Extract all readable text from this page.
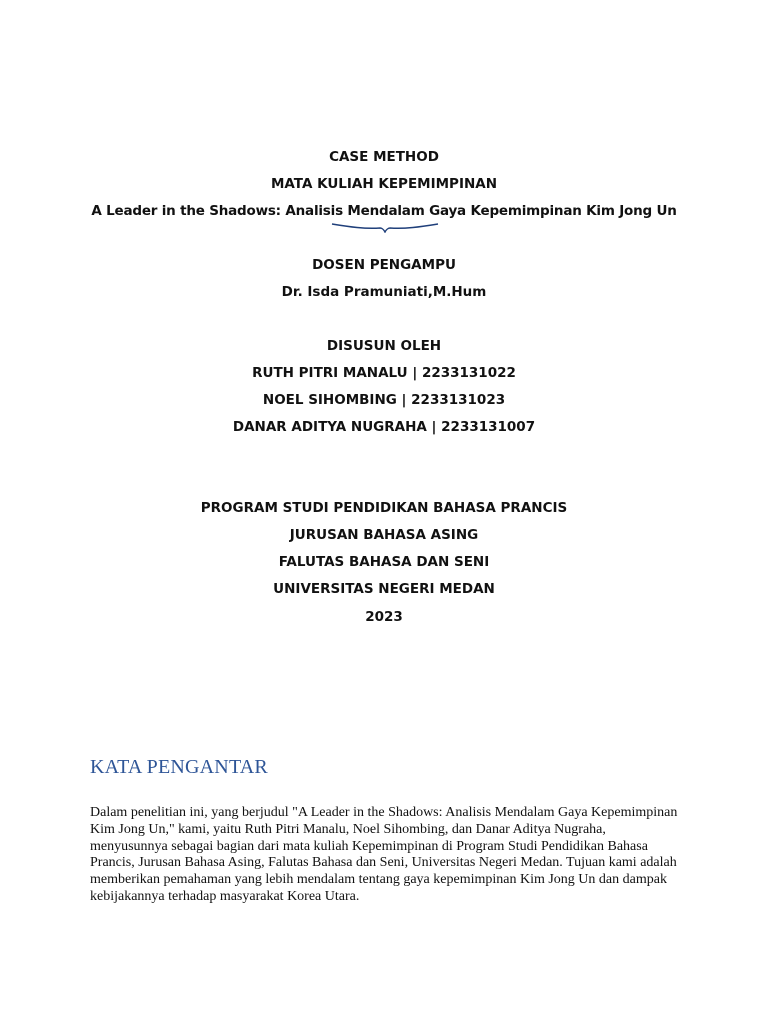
CASE METHOD
MATA KULIAH KEPEMIMPINAN
A Leader in the Shadows: Analisis Mendalam Gaya Kepemimpinan Kim Jong Un
DOSEN PENGAMPU
Dr. Isda Pramuniati,M.Hum
DISUSUN OLEH
RUTH PITRI MANALU | 2233131022
NOEL SIHOMBING | 2233131023
DANAR ADITYA NUGRAHA | 2233131007
PROGRAM STUDI PENDIDIKAN BAHASA PRANCIS
JURUSAN BAHASA ASING
FALUTAS BAHASA DAN SENI
UNIVERSITAS NEGERI MEDAN
2023
KATA PENGANTAR
Dalam penelitian ini, yang berjudul "A Leader in the Shadows: Analisis Mendalam Gaya Kepemimpinan Kim Jong Un," kami, yaitu Ruth Pitri Manalu, Noel Sihombing, dan Danar Aditya Nugraha, menyusunnya sebagai bagian dari mata kuliah Kepemimpinan di Program Studi Pendidikan Bahasa Prancis, Jurusan Bahasa Asing, Falutas Bahasa dan Seni, Universitas Negeri Medan. Tujuan kami adalah memberikan pemahaman yang lebih mendalam tentang gaya kepemimpinan Kim Jong Un dan dampak kebijakannya terhadap masyarakat Korea Utara.
